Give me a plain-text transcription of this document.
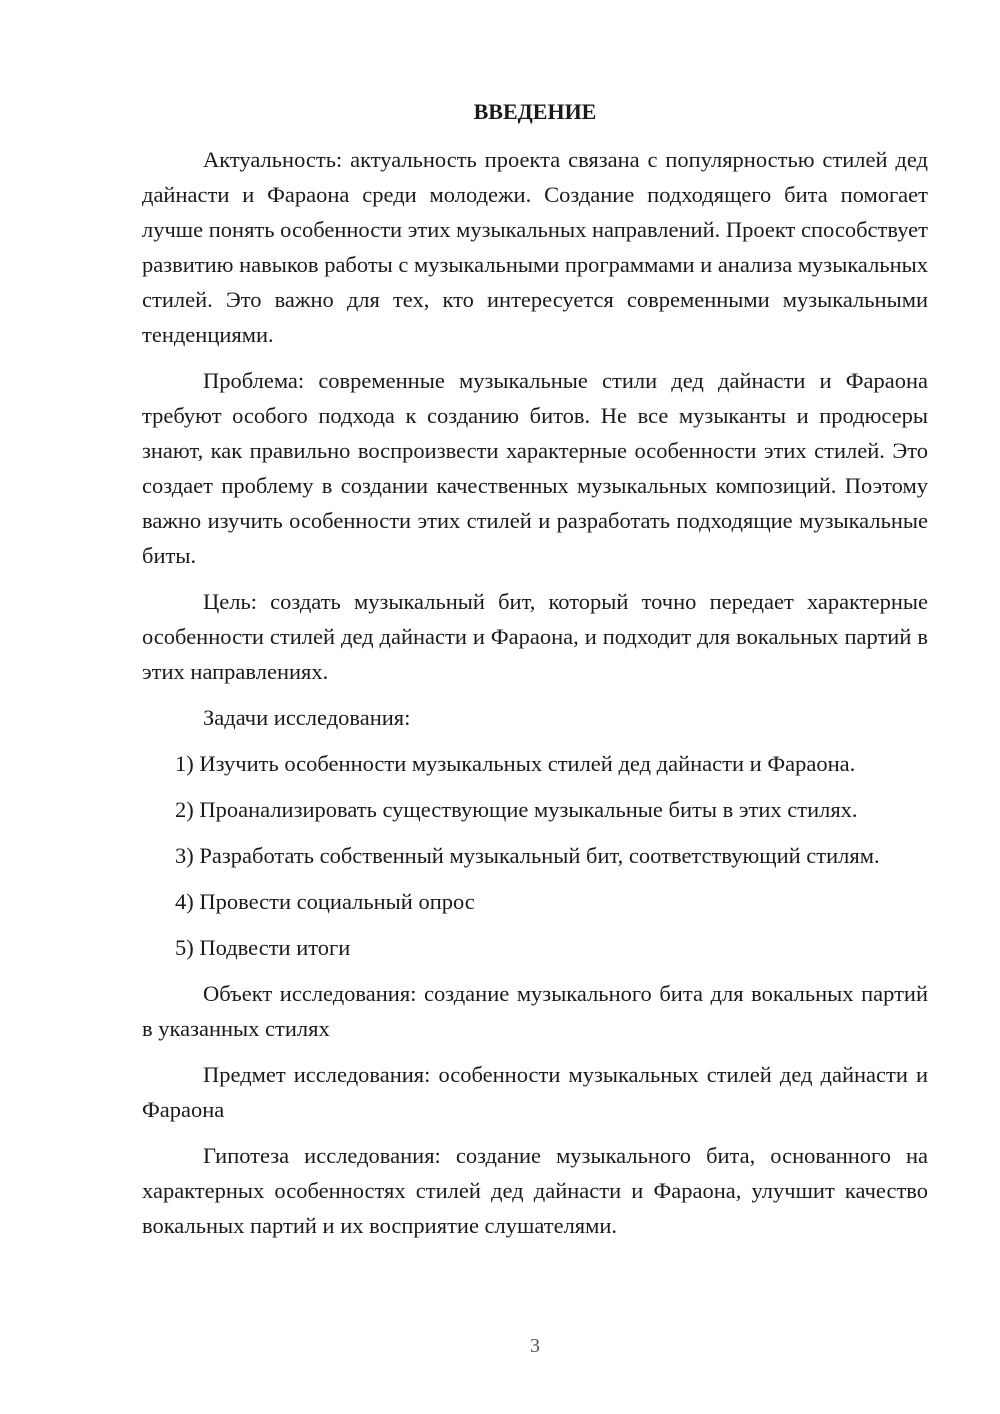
ВВЕДЕНИЕ

Актуальность: актуальность проекта связана с популярностью стилей дед дайнасти и Фараона среди молодежи. Создание подходящего бита помогает лучше понять особенности этих музыкальных направлений. Проект способствует развитию навыков работы с музыкальными программами и анализа музыкальных стилей. Это важно для тех, кто интересуется современными музыкальными тенденциями.

Проблема: современные музыкальные стили дед дайнасти и Фараона требуют особого подхода к созданию битов. Не все музыканты и продюсеры знают, как правильно воспроизвести характерные особенности этих стилей. Это создает проблему в создании качественных музыкальных композиций. Поэтому важно изучить особенности этих стилей и разработать подходящие музыкальные биты.

Цель: создать музыкальный бит, который точно передает характерные особенности стилей дед дайнасти и Фараона, и подходит для вокальных партий в этих направлениях.

Задачи исследования:

1) Изучить особенности музыкальных стилей дед дайнасти и Фараона.

2) Проанализировать существующие музыкальные биты в этих стилях.

3) Разработать собственный музыкальный бит, соответствующий стилям.

4) Провести социальный опрос

5) Подвести итоги

Объект исследования: создание музыкального бита для вокальных партий в указанных стилях

Предмет исследования: особенности музыкальных стилей дед дайнасти и Фараона

Гипотеза исследования: создание музыкального бита, основанного на характерных особенностях стилей дед дайнасти и Фараона, улучшит качество вокальных партий и их восприятие слушателями.

3
